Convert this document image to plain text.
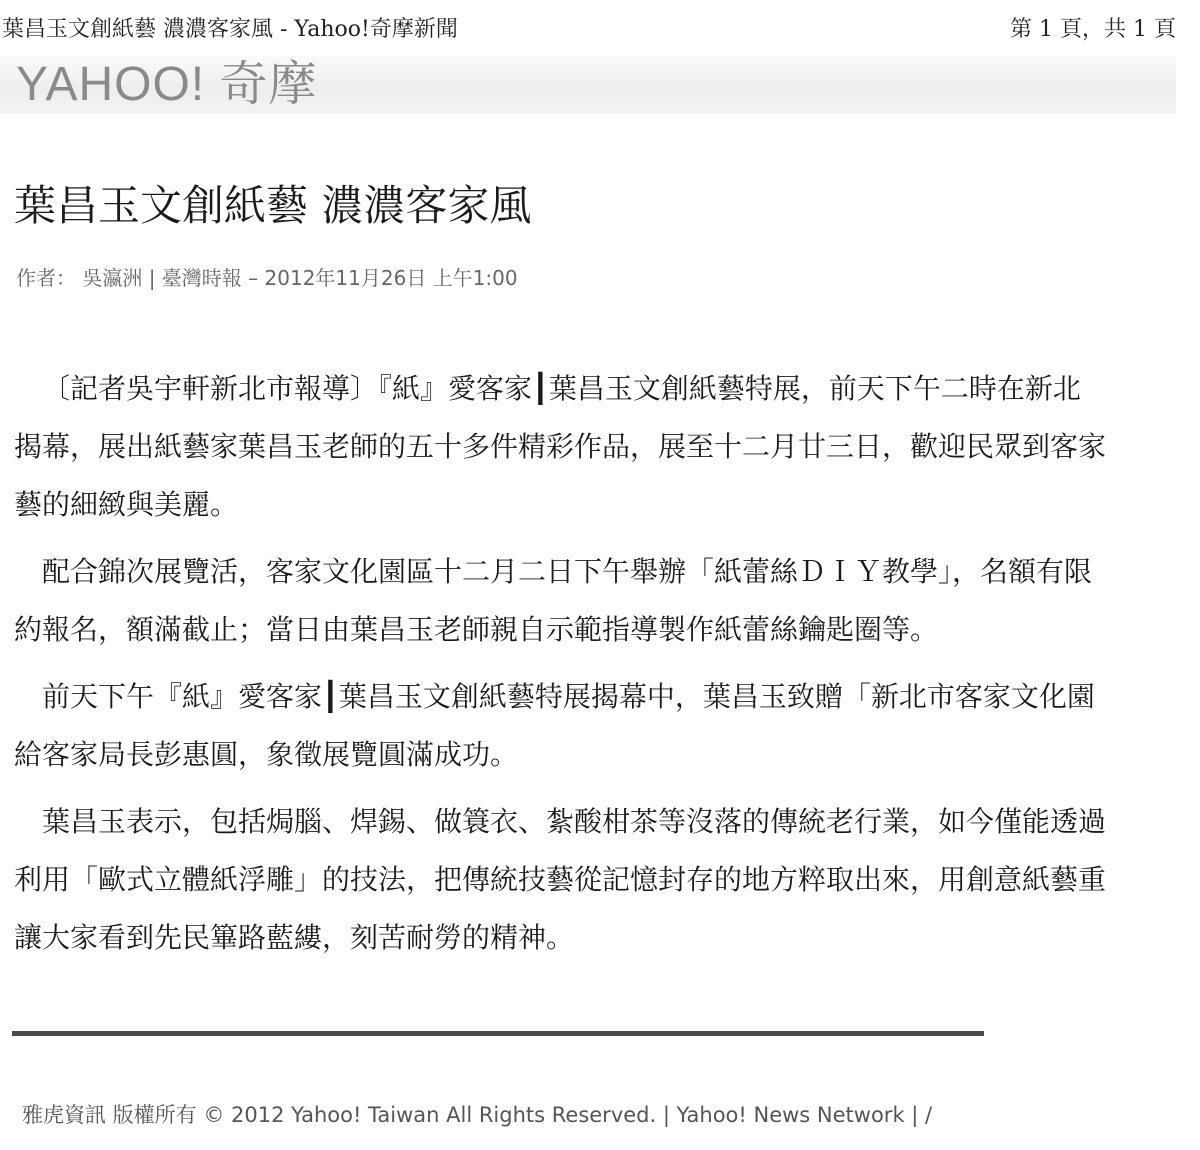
葉昌玉文創紙藝 濃濃客家風 - Yahoo!奇摩新聞	第 1 頁，共 1 頁
YAHOO! 奇摩
葉昌玉文創紙藝 濃濃客家風
作者： 吳瀛洲 | 臺灣時報 – 2012年11月26日 上午1:00

〔記者吳宇軒新北市報導〕『紙』愛客家┃葉昌玉文創紙藝特展，前天下午二時在新北
揭幕，展出紙藝家葉昌玉老師的五十多件精彩作品，展至十二月廿三日，歡迎民眾到客家
藝的細緻與美麗。

配合錦次展覽活，客家文化園區十二月二日下午舉辦「紙蕾絲ＤＩＹ教學」，名額有限
約報名，額滿截止；當日由葉昌玉老師親自示範指導製作紙蕾絲鑰匙圈等。

前天下午『紙』愛客家┃葉昌玉文創紙藝特展揭幕中，葉昌玉致贈「新北市客家文化園
給客家局長彭惠圓，象徵展覽圓滿成功。

葉昌玉表示，包括焗腦、焊錫、做簑衣、紮酸柑茶等沒落的傳統老行業，如今僅能透過
利用「歐式立體紙浮雕」的技法，把傳統技藝從記憶封存的地方粹取出來，用創意紙藝重
讓大家看到先民篳路藍縷，刻苦耐勞的精神。

雅虎資訊 版權所有 © 2012 Yahoo! Taiwan All Rights Reserved. | Yahoo! News Network | /
